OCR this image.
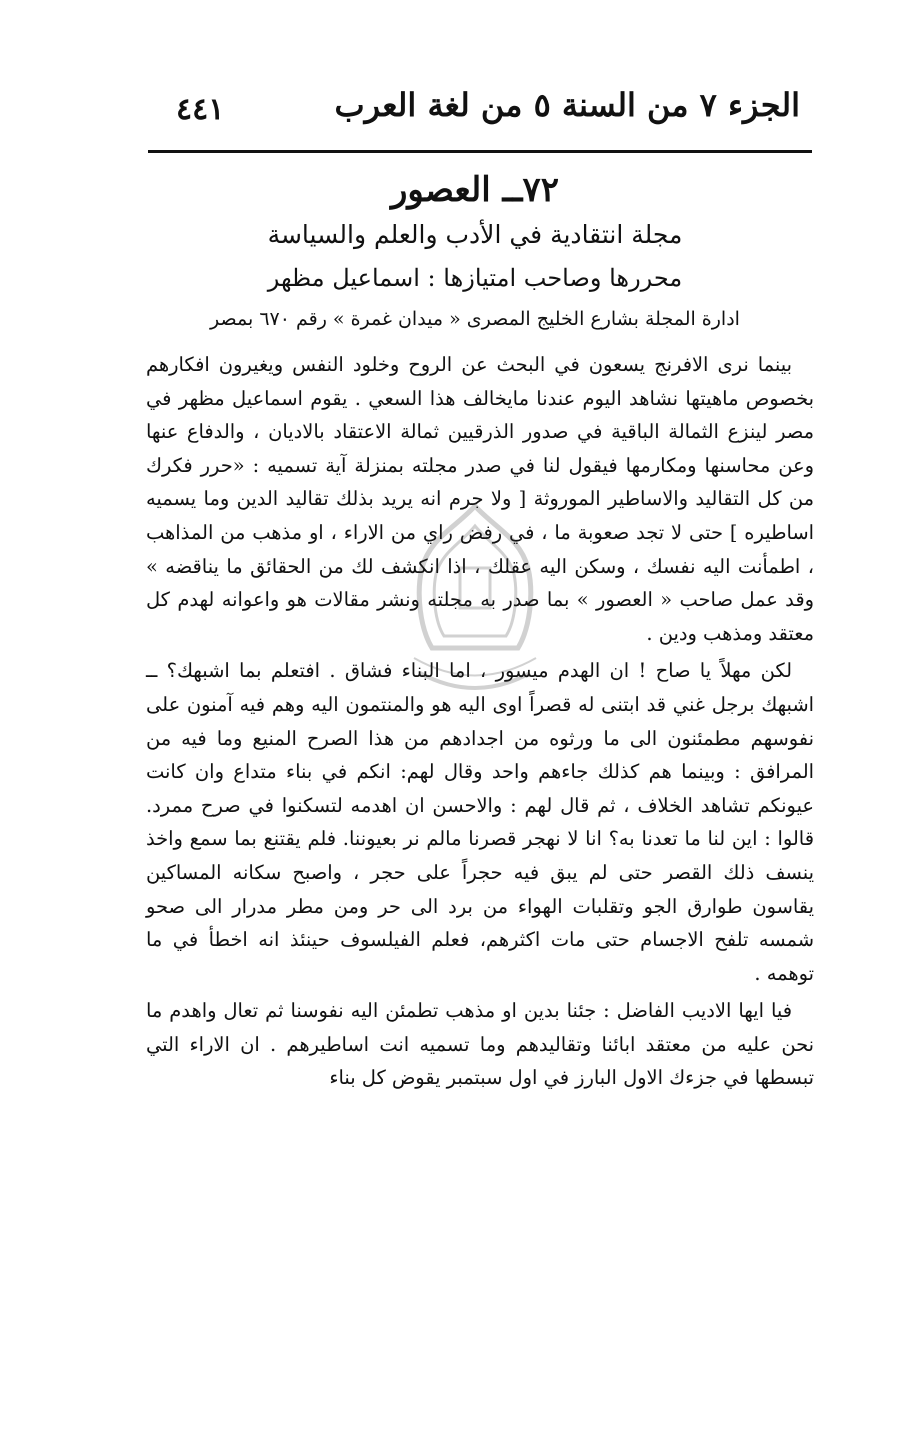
٤٤١	الجزء ٧ من السنة ٥ من لغة العرب
٧٢ــ العصور
مجلة انتقادية في الأدب والعلم والسياسة
محررها وصاحب امتيازها : اسماعيل مظهر
ادارة المجلة بشارع الخليج المصرى « ميدان غمرة » رقم ٦٧٠ بمصر

بينما نرى الافرنج يسعون في البحث عن الروح وخلود النفس ويغيرون افكارهم بخصوص ماهيتها نشاهد اليوم عندنا مايخالف هذا السعي . يقوم اسماعيل مظهر في مصر لينزع الثمالة الباقية في صدور الذرقيين ثمالة الاعتقاد بالاديان ، والدفاع عنها وعن محاسنها ومكارمها فيقول لنا في صدر مجلته بمنزلة آية تسميه : «حرر فكرك من كل التقاليد والاساطير الموروثة [ ولا جرم انه يريد بذلك تقاليد الدين وما يسميه اساطيره ] حتى لا تجد صعوبة ما ، في رفض راي من الاراء ، او مذهب من المذاهب ، اطمأنت اليه نفسك ، وسكن اليه عقلك ، اذا انكشف لك من الحقائق ما يناقضه » وقد عمل صاحب « العصور » بما صدر به مجلته ونشر مقالات هو واعوانه لهدم كل معتقد ومذهب ودين .

لكن مهلاً يا صاح ! ان الهدم ميسور ، اما البناء فشاق . افتعلم بما اشبهك؟ ــ اشبهك برجل غني قد ابتنى له قصراً اوى اليه هو والمنتمون اليه وهم فيه آمنون على نفوسهم مطمئنون الى ما ورثوه من اجدادهم من هذا الصرح المنيع وما فيه من المرافق : وبينما هم كذلك جاءهم واحد وقال لهم: انكم في بناء متداع وان كانت عيونكم تشاهد الخلاف ، ثم قال لهم : والاحسن ان اهدمه لتسكنوا في صرح ممرد. قالوا : اين لنا ما تعدنا به؟ انا لا نهجر قصرنا مالم نر بعيوننا. فلم يقتنع بما سمع واخذ ينسف ذلك القصر حتى لم يبق فيه حجراً على حجر ، واصبح سكانه المساكين يقاسون طوارق الجو وتقلبات الهواء من برد الى حر ومن مطر مدرار الى صحو شمسه تلفح الاجسام حتى مات اكثرهم، فعلم الفيلسوف حينئذ انه اخطأ في ما توهمه .

فيا ايها الاديب الفاضل : جئنا بدين او مذهب تطمئن اليه نفوسنا ثم تعال واهدم ما نحن عليه من معتقد ابائنا وتقاليدهم وما تسميه انت اساطيرهم . ان الاراء التي تبسطها في جزءك الاول البارز في اول سبتمبر يقوض كل بناء
